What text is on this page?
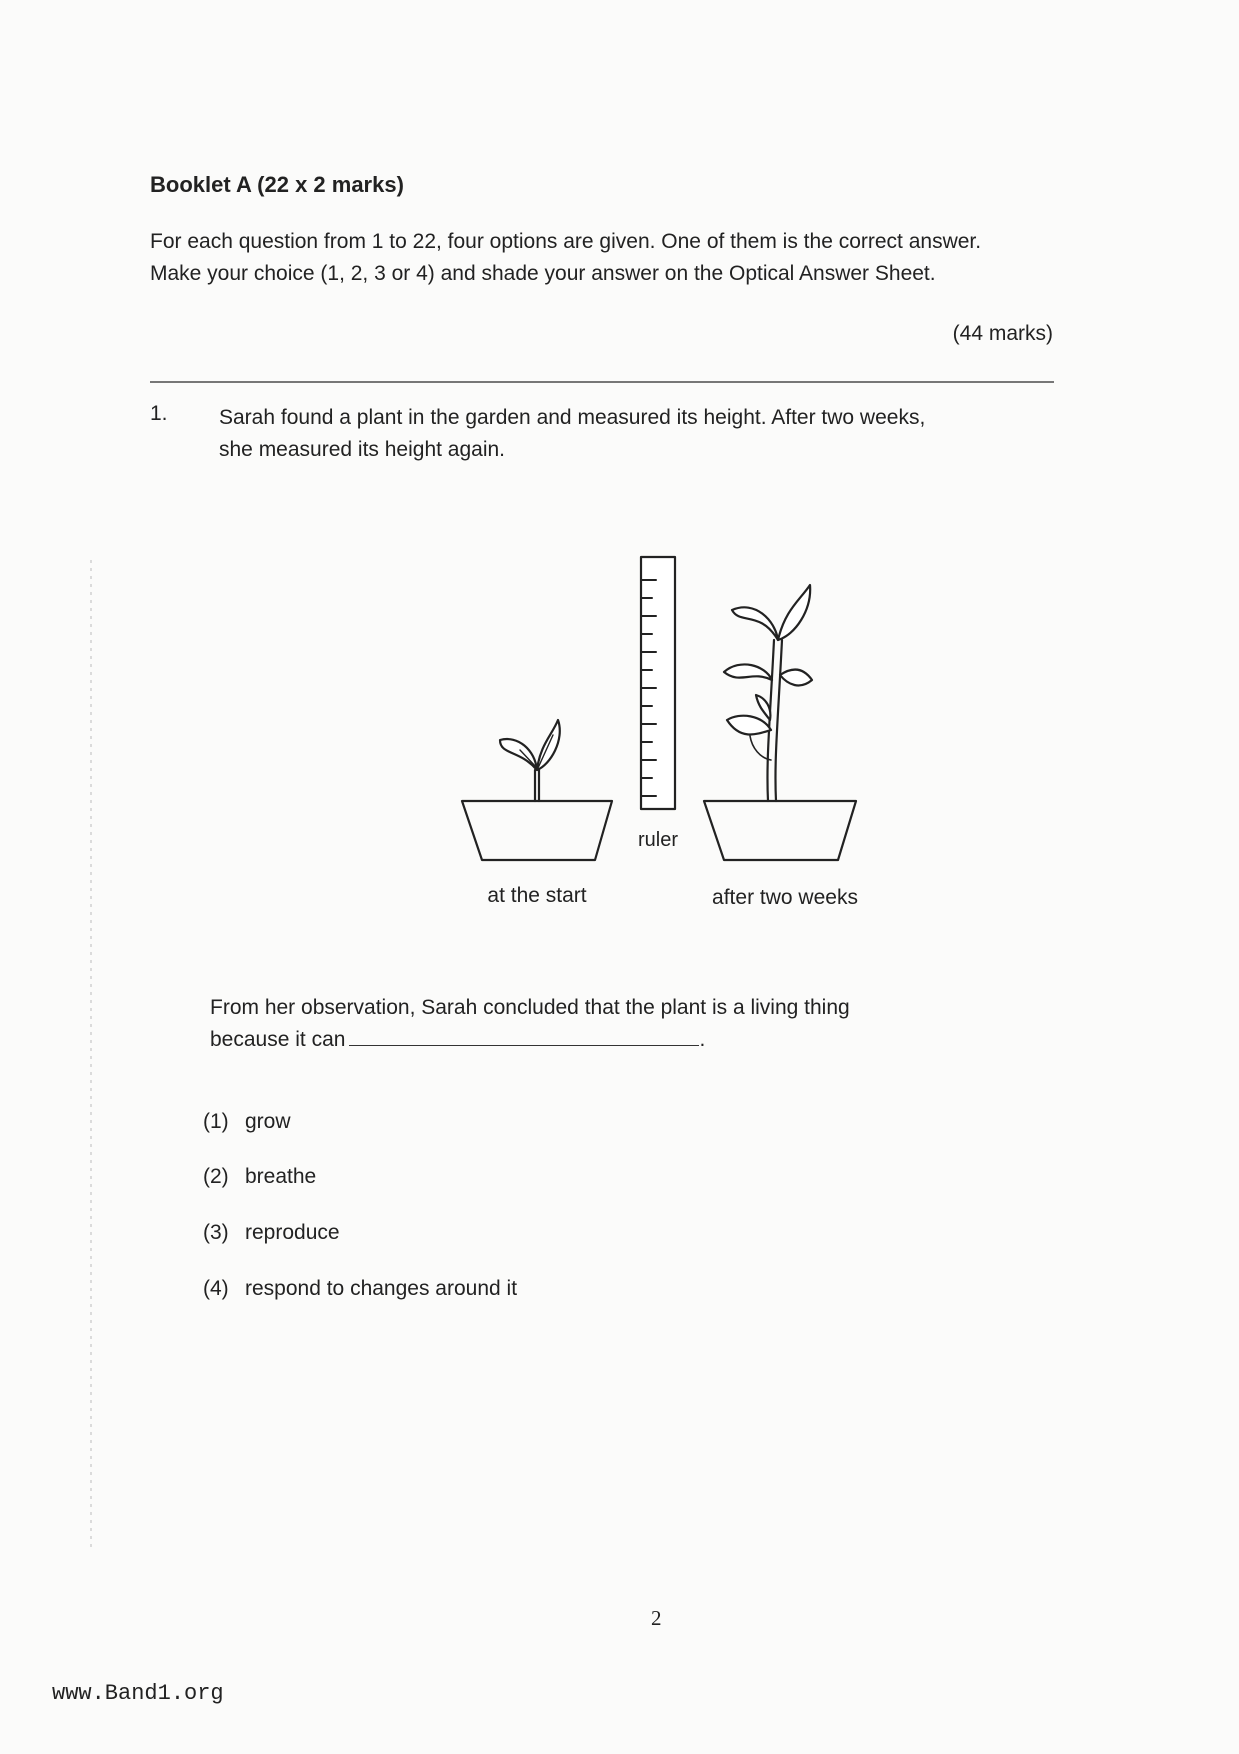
Booklet A (22 x 2 marks)
For each question from 1 to 22, four options are given. One of them is the correct answer.
Make your choice (1, 2, 3 or 4) and shade your answer on the Optical Answer Sheet.
(44 marks)
1. Sarah found a plant in the garden and measured its height. After two weeks,
she measured its height again.
ruler
at the start	after two weeks
From her observation, Sarah concluded that the plant is a living thing
because it can	.
(1) grow
(2) breathe
(3) reproduce
(4) respond to changes around it
2
www.Band1.org
